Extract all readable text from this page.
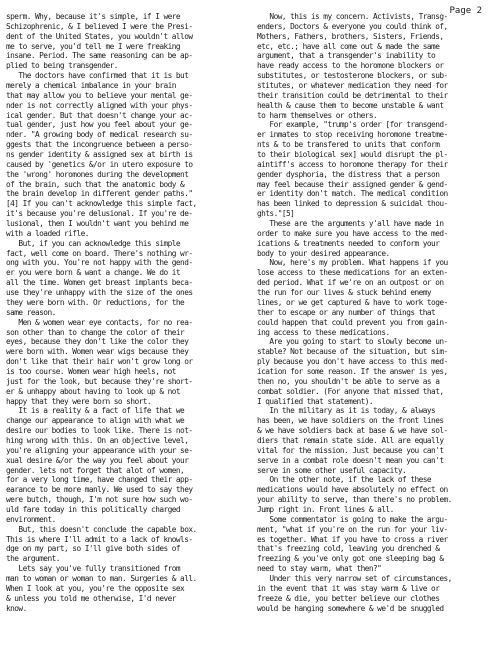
Page 2
sperm. Why, because it's simple, if I were
Schizophrenic, & I believed I were the Presi-
dent of the United States, you wouldn't allow
me to serve, you'd tell me I were freaking
insane. Period. The same reasoning can be ap-
plied to being transgender.
The doctors have confirmed that it is but
merely a chemical imbalance in your brain
that may allow you to believe your mental ge-
nder is not correctly aligned with your phys-
ical gender. But that doesn't change your ac-
tual gender, just how you feel about your ge-
nder. "A growing body of medical research su-
ggests that the incongruence between a perso-
ns gender identity & assigned sex at birth is
caused by 'genetics &/or in utero exposure to
the 'wrong' horomones during the development
of the brain, such that the anatomic body &
the brain develop in different gender paths."
[4] If you can't acknowledge this simple fact,
it's because you're delusional. If you're de-
lusional, then I wouldn't want you behind me
with a loaded rifle.
But, if you can acknowledge this simple
fact, well come on board. There's nothing wr-
ong with you. You're not happy with the gend-
er you were born & want a change. We do it
all the time. Women get breast implants beca-
use they're unhappy with the size of the ones
they were born with. Or reductions, for the
same reason.
Men & women wear eye contacts, for no rea-
son other than to change the color of their
eyes, because they don't like the color they
were born with. Women wear wigs because they
don't like that their hair won't grow long or
is too course. Women wear high heels, not
just for the look, but because they're short-
er & unhappy about having to look up & not
happy that they were born so short.
It is a reality & a fact of life that we
change our appearance to align with what we
desire our bodies to look like. There is not-
hing wrong with this. On an objective level,
you're aligning your appearance with your se-
xual desire &/or the way you feel about your
gender. lets not forget that alot of women,
for a very long time, have changed their app-
earance to be more manly. We used to say they
were butch, though, I'm not sure how such wo-
uld fare today in this politically charged
environment.
But, this doesn't conclude the capable box.
This is where I'll admit to a lack of knowls-
dge on my part, so I'll give both sides of
the argument.
Lets say you've fully transitioned from
man to woman or woman to man. Surgeries & all.
When I look at you, you're the opposite sex
& unless you told me otherwise, I'd never
know.
Now, this is my concern. Activists, Transg-
enders, Doctors & everyone you could think of,
Mothers, Fathers, brothers, Sisters, Friends,
etc, etc.; have all come out & made the same
argument, that a transgender's inability to
have ready access to the horomone blockers or
substitutes, or testosterone blockers, or sub-
stitutes, or whatever medication they need for
their transition could be detrimental to their
health & cause them to become unstable & want
to harm themselves or others.
For example, "trump's order [for transgend-
er inmates to stop receiving horomone treatme-
nts & to be transfered to units that conform
to their biological sex] would disrupt the pl-
aintiff's access to horomone therapy for their
gender dysphoria, the distress that a person
may feel because their assigned gender & gend-
er identity don't match. The medical condition
has been linked to depression & suicidal thou-
ghts."[5]
These are the arguments y'all have made in
order to make sure you have access to the med-
ications & treatments needed to conform your
body to your desired appearance.
Now, here's my problem. What happens if you
lose access to these medications for an exten-
ded period. What if we're on an outpost or on
the run for our lives & stuck behind enemy
lines, or we get captured & have to work toge-
ther to escape or any number of things that
could happen that could prevent you from gain-
ing access to these medications.
Are you going to start to slowly become un-
stable? Not because of the situation, but sim-
ply because you don't have access to this med-
ication for some reason. If the answer is yes,
then no, you shouldn't be able to serve as a
combat soldier. (For anyone that missed that,
I qualified that statement).
In the military as it is today, & always
has been, we have soldiers on the front lines
& we have soldiers back at base & we have sol-
diers that remain state side. All are equally
vital for the mission. Just because you can't
serve in a combat role doesn't mean you can't
serve in some other useful capacity.
On the other note, if the lack of these
medications would have absolutely no effect on
your ability to serve, than there's no problem.
Jump right in. Front lines & all.
Some commentator is going to make the argu-
ment, "what if you're on the run for your liv-
es together. What if you have to cross a river
that's freezing cold, leaving you drenched &
freezing & you've only got one sleeping bag &
need to stay warm, what then?"
Under this very narrow set of circumstances,
in the event that it was stay warm & live or
freeze & die, you better believe our clothes
would be hanging somewhere & we'd be snuggled
